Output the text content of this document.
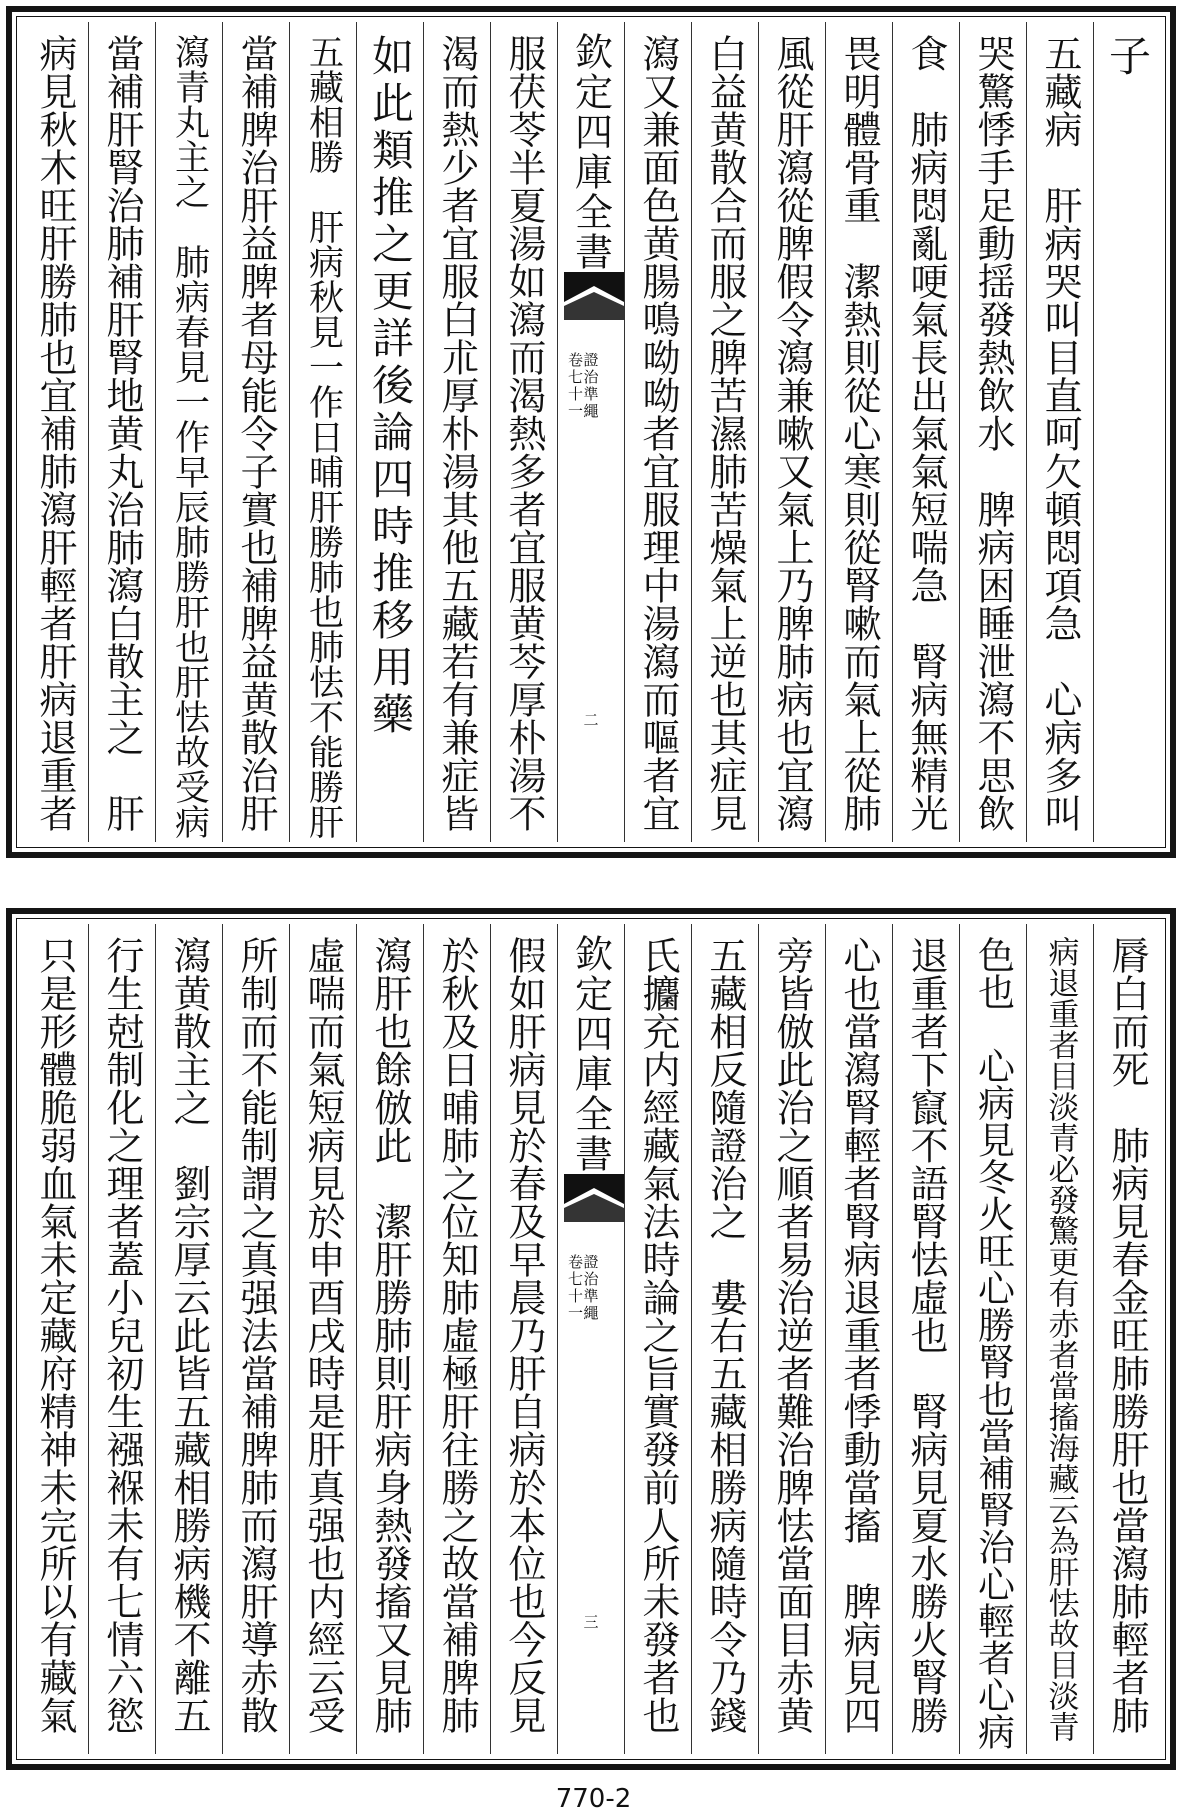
子
五藏病　肝病哭叫目直呵欠頓悶項急　心病多叫
哭驚悸手足動揺發熱飲水　脾病困睡泄瀉不思飲
食　肺病悶亂哽氣長出氣氣短喘急　腎病無精光
畏明體骨重　潔熱則從心寒則從腎嗽而氣上從肺
風從肝瀉從脾假令瀉兼嗽又氣上乃脾肺病也宜瀉
白益黄散合而服之脾苦濕肺苦燥氣上逆也其症見
瀉又兼面色黄腸鳴呦呦者宜服理中湯瀉而嘔者宜
欽定四庫全書
證治準繩
卷七十一
二
服茯苓半夏湯如瀉而渴熱多者宜服黄芩厚朴湯不
渴而熱少者宜服白朮厚朴湯其他五藏若有兼症皆
如此類推之更詳後論四時推移用藥
五藏相勝　肝病秋見一作日晡肝勝肺也肺怯不能勝肝
當補脾治肝益脾者母能令子實也補脾益黄散治肝
瀉青丸主之　肺病春見一作早辰肺勝肝也肝怯故受病
當補肝腎治肺補肝腎地黄丸治肺瀉白散主之　肝
病見秋木旺肝勝肺也宜補肺瀉肝輕者肝病退重者
脣白而死　肺病見春金旺肺勝肝也當瀉肺輕者肺
病退重者目淡青必發驚更有赤者當搐海藏云為肝怯故目淡青
色也　心病見冬火旺心勝腎也當補腎治心輕者心病
退重者下竄不語腎怯虛也　腎病見夏水勝火腎勝
心也當瀉腎輕者腎病退重者悸動當搐　脾病見四
旁皆倣此治之順者易治逆者難治脾怯當面目赤黄
五藏相反隨證治之　婁右五藏相勝病隨時令乃錢
氏攟充内經藏氣法時論之旨實發前人所未發者也
欽定四庫全書
證治準繩
卷七十一
三
假如肝病見於春及早晨乃肝自病於本位也今反見
於秋及日晡肺之位知肺虛極肝往勝之故當補脾肺
瀉肝也餘倣此　潔肝勝肺則肝病身熱發搐又見肺
虛喘而氣短病見於申酉戌時是肝真强也内經云受
所制而不能制謂之真强法當補脾肺而瀉肝導赤散
瀉黄散主之　劉宗厚云此皆五藏相勝病機不離五
行生尅制化之理者蓋小兒初生襁褓未有七情六慾
只是形體脆弱血氣未定藏府精神未完所以有藏氣
770-2
